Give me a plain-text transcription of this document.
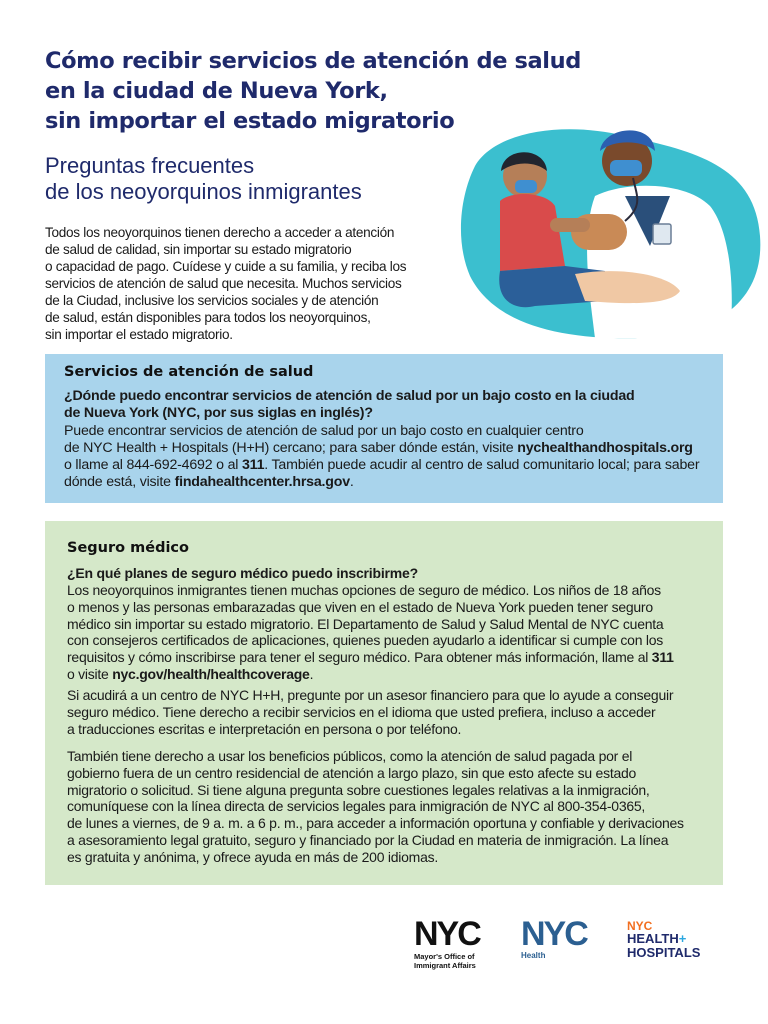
Cómo recibir servicios de atención de salud
en la ciudad de Nueva York,
sin importar el estado migratorio

Preguntas frecuentes
de los neoyorquinos inmigrantes

Todos los neoyorquinos tienen derecho a acceder a atención
de salud de calidad, sin importar su estado migratorio
o capacidad de pago. Cuídese y cuide a su familia, y reciba los
servicios de atención de salud que necesita. Muchos servicios
de la Ciudad, inclusive los servicios sociales y de atención
de salud, están disponibles para todos los neoyorquinos,
sin importar el estado migratorio.

Servicios de atención de salud

¿Dónde puedo encontrar servicios de atención de salud por un bajo costo en la ciudad
de Nueva York (NYC, por sus siglas en inglés)?

Puede encontrar servicios de atención de salud por un bajo costo en cualquier centro
de NYC Health + Hospitals (H+H) cercano; para saber dónde están, visite nychealthandhospitals.org
o llame al 844-692-4692 o al 311. También puede acudir al centro de salud comunitario local; para saber
dónde está, visite findahealthcenter.hrsa.gov.

Seguro médico

¿En qué planes de seguro médico puedo inscribirme?

Los neoyorquinos inmigrantes tienen muchas opciones de seguro de médico. Los niños de 18 años
o menos y las personas embarazadas que viven en el estado de Nueva York pueden tener seguro
médico sin importar su estado migratorio. El Departamento de Salud y Salud Mental de NYC cuenta
con consejeros certificados de aplicaciones, quienes pueden ayudarlo a identificar si cumple con los
requisitos y cómo inscribirse para tener el seguro médico. Para obtener más información, llame al 311
o visite nyc.gov/health/healthcoverage.

Si acudirá a un centro de NYC H+H, pregunte por un asesor financiero para que lo ayude a conseguir
seguro médico. Tiene derecho a recibir servicios en el idioma que usted prefiera, incluso a acceder
a traducciones escritas e interpretación en persona o por teléfono.

También tiene derecho a usar los beneficios públicos, como la atención de salud pagada por el
gobierno fuera de un centro residencial de atención a largo plazo, sin que esto afecte su estado
migratorio o solicitud. Si tiene alguna pregunta sobre cuestiones legales relativas a la inmigración,
comuníquese con la línea directa de servicios legales para inmigración de NYC al 800-354-0365,
de lunes a viernes, de 9 a. m. a 6 p. m., para acceder a información oportuna y confiable y derivaciones
a asesoramiento legal gratuito, seguro y financiado por la Ciudad en materia de inmigración. La línea
es gratuita y anónima, y ofrece ayuda en más de 200 idiomas.

NYC
Mayor's Office of
Immigrant Affairs
NYC
Health
NYC
HEALTH+
HOSPITALS
